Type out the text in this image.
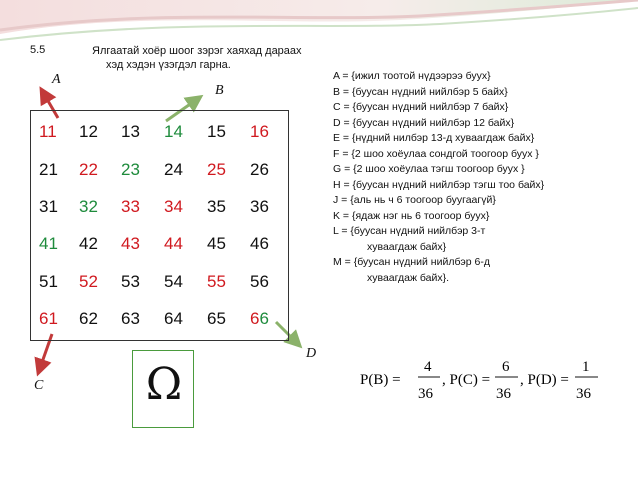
5.5	Ялгаатай хоёр шоог зэрэг хаяхад дараах
хэд хэдэн үзэгдэл гарна.
A
B
C
D
11	12	13	14	15	16
21	22	23	24	25	26
31	32	33	34	35	36
41	42	43	44	45	46
51	52	53	54	55	56
61	62	63	64	65	66
A = {ижил тоотой нүдээрээ буух}
B = {буусан нүдний нийлбэр 5 байх}
C = {буусан нүдний нийлбэр 7 байх}
D = {буусан нүдний нийлбэр 12 байх}
E = {нүдний нилбэр 13-д хуваагдаж байх}
F = {2 шоо хоёулаа сондгой тоогоор буух }
G = {2 шоо хоёулаа тэгш тоогоор буух }
H = {буусан нүдний нийлбэр тэгш тоо байх}
J = {аль нь ч 6 тоогоор буугаагүй}
K = {ядаж нэг нь 6 тоогоор буух}
L = {буусан нүдний нийлбэр 3-т
хуваагдаж байх}
M = {буусан нүдний нийлбэр 6-д
хуваагдаж байх}.
Ω	P(B) =
4
36
, P(C) =
6
36
, P(D) =
1
36
